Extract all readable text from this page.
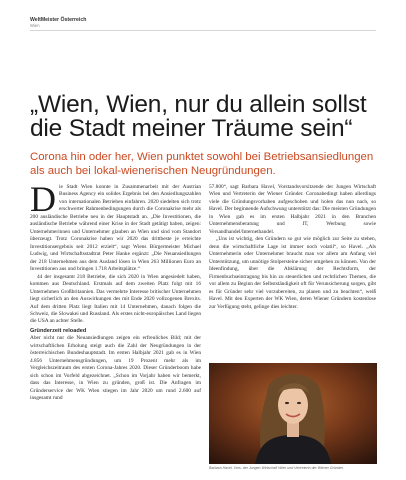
WeltMeister Österreich
Wien
„Wien, Wien, nur du allein sollst die Stadt meiner Träume sein“
Corona hin oder her, Wien punktet sowohl bei Betriebsansiedlungen als auch bei lokal-wienerischen Neugründungen.
D ie Stadt Wien konnte in Zusammenarbeit mit der Austrian Business Agency ein solides Ergebnis bei den Ansiedlungszahlen von internationalen Betrieben einfahren. 2020 siedelten sich trotz erschwerter Rahmenbedingungen durch die Coronakrise mehr als 200 ausländische Betriebe neu in der Hauptstadt an. „Die Investitionen, die ausländische Betriebe während einer Krise in der Stadt getätigt haben, zeigen: Unternehmerinnen und Unternehmer glauben an Wien und sind vom Standort überzeugt. Trotz Coronakrise haben wir 2020 das drittbeste je erreichte Investitionsergebnis seit 2012 erzielt“, sagt Wiens Bürgermeister Michael Ludwig, und Wirtschaftsstadtrat Peter Hanke ergänzt: „Die Neuansiedlungen der 218 Unternehmen aus dem Ausland lösen in Wien 263 Millionen Euro an Investitionen aus und bringen 1.718 Arbeitsplätze.“
44 der insgesamt 218 Betriebe, die sich 2020 in Wien angesiedelt haben, kommen aus Deutschland. Erstmals auf dem zweiten Platz folgt mit 16 Unternehmen Großbritannien. Das vermehrte Interesse britischer Unternehmen liegt sicherlich an den Auswirkungen des mit Ende 2020 vollzogenen Brexits. Auf dem dritten Platz liegt Italien mit 14 Unternehmen, danach folgen die Schweiz, die Slowakei und Russland. Als erstes nicht-europäisches Land liegen die USA an achter Stelle.
Gründerzeit reloaded
Aber nicht nur die Neuansiedlungen zeigen ein erfreuliches Bild; mit der wirtschaftlichen Erholung steigt auch die Zahl der Neugründungen in der österreichischen Bundeshauptstadt. Im ersten Halbjahr 2021 gab es in Wien 4.856 Unternehmensgründungen, um 19 Prozent mehr als im Vergleichszeitraum des ersten Corona-Jahres 2020. Dieser Gründerboom habe sich schon im Vorfeld abgezeichnet. „Schon im Vorjahr haben wir bemerkt, dass das Interesse, in Wien zu gründen, groß ist. Die Anfragen im Gründerservice der WK Wien stiegen im Jahr 2020 um rund 2.600 auf insgesamt rund
57.800“, sagt Barbara Havel, Vorstandsvorsitzende der Jungen Wirtschaft Wien und Vertreterin der Wiener Gründer. Coronabedingt haben allerdings viele die Gründungsvorhaben aufgeschoben und holen das nun nach, so Havel. Der beginnende Aufschwung unterstützt das: Die meisten Gründungen in Wien gab es im ersten Halbjahr 2021 in den Branchen Unternehmensberatung und IT, Werbung sowie Versandhandel/Internethandel.
„Uns ist wichtig, den Gründern so gut wie möglich zur Seite zu stehen, denn die wirtschaftliche Lage ist immer noch volatil“, so Havel. „Als Unternehmerin oder Unternehmer braucht man vor allem am Anfang viel Unterstützung, um unnötige Stolpersteine sicher umgehen zu können. Von der Ideenfindung, über die Abklärung der Rechtsform, der Firmenbuchseintragung bis hin zu steuerlichen und rechtlichen Themen, die vor allem zu Beginn der Selbstständigkeit oft für Verunsicherung sorgen, gibt es für Gründer sehr viel vorzubereiten, zu planen und zu beachten“, weiß Havel. Mit den Experten der WK Wien, deren Wiener Gründern kostenlose zur Verfügung steht, gelinge dies leichter.
Barbara Havel, Vors. der Jungen Wirtschaft Wien und Vertreterin der Wiener Gründer.
